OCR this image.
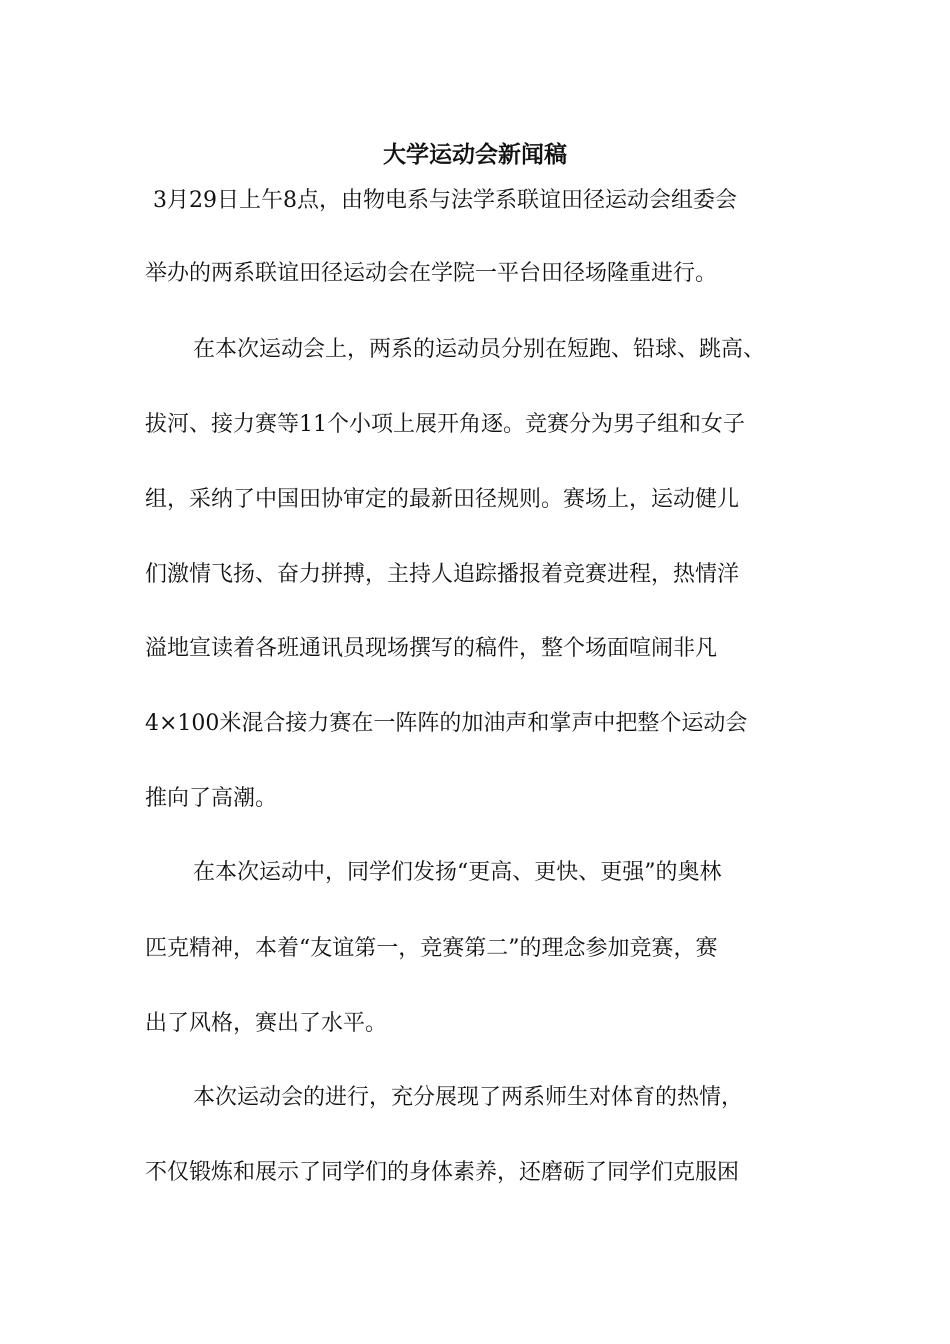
大学运动会新闻稿
3月29日上午8点，由物电系与法学系联谊田径运动会组委会
举办的两系联谊田径运动会在学院一平台田径场隆重进行。
在本次运动会上，两系的运动员分别在短跑、铅球、跳高、
拔河、接力赛等11个小项上展开角逐。竞赛分为男子组和女子
组，采纳了中国田协审定的最新田径规则。赛场上，运动健儿
们激情飞扬、奋力拼搏，主持人追踪播报着竞赛进程，热情洋
溢地宣读着各班通讯员现场撰写的稿件，整个场面喧闹非凡
4×100米混合接力赛在一阵阵的加油声和掌声中把整个运动会
推向了高潮。
在本次运动中，同学们发扬“更高、更快、更强”的奥林
匹克精神，本着“友谊第一，竞赛第二”的理念参加竞赛，赛
出了风格，赛出了水平。
本次运动会的进行，充分展现了两系师生对体育的热情，
不仅锻炼和展示了同学们的身体素养，还磨砺了同学们克服困
